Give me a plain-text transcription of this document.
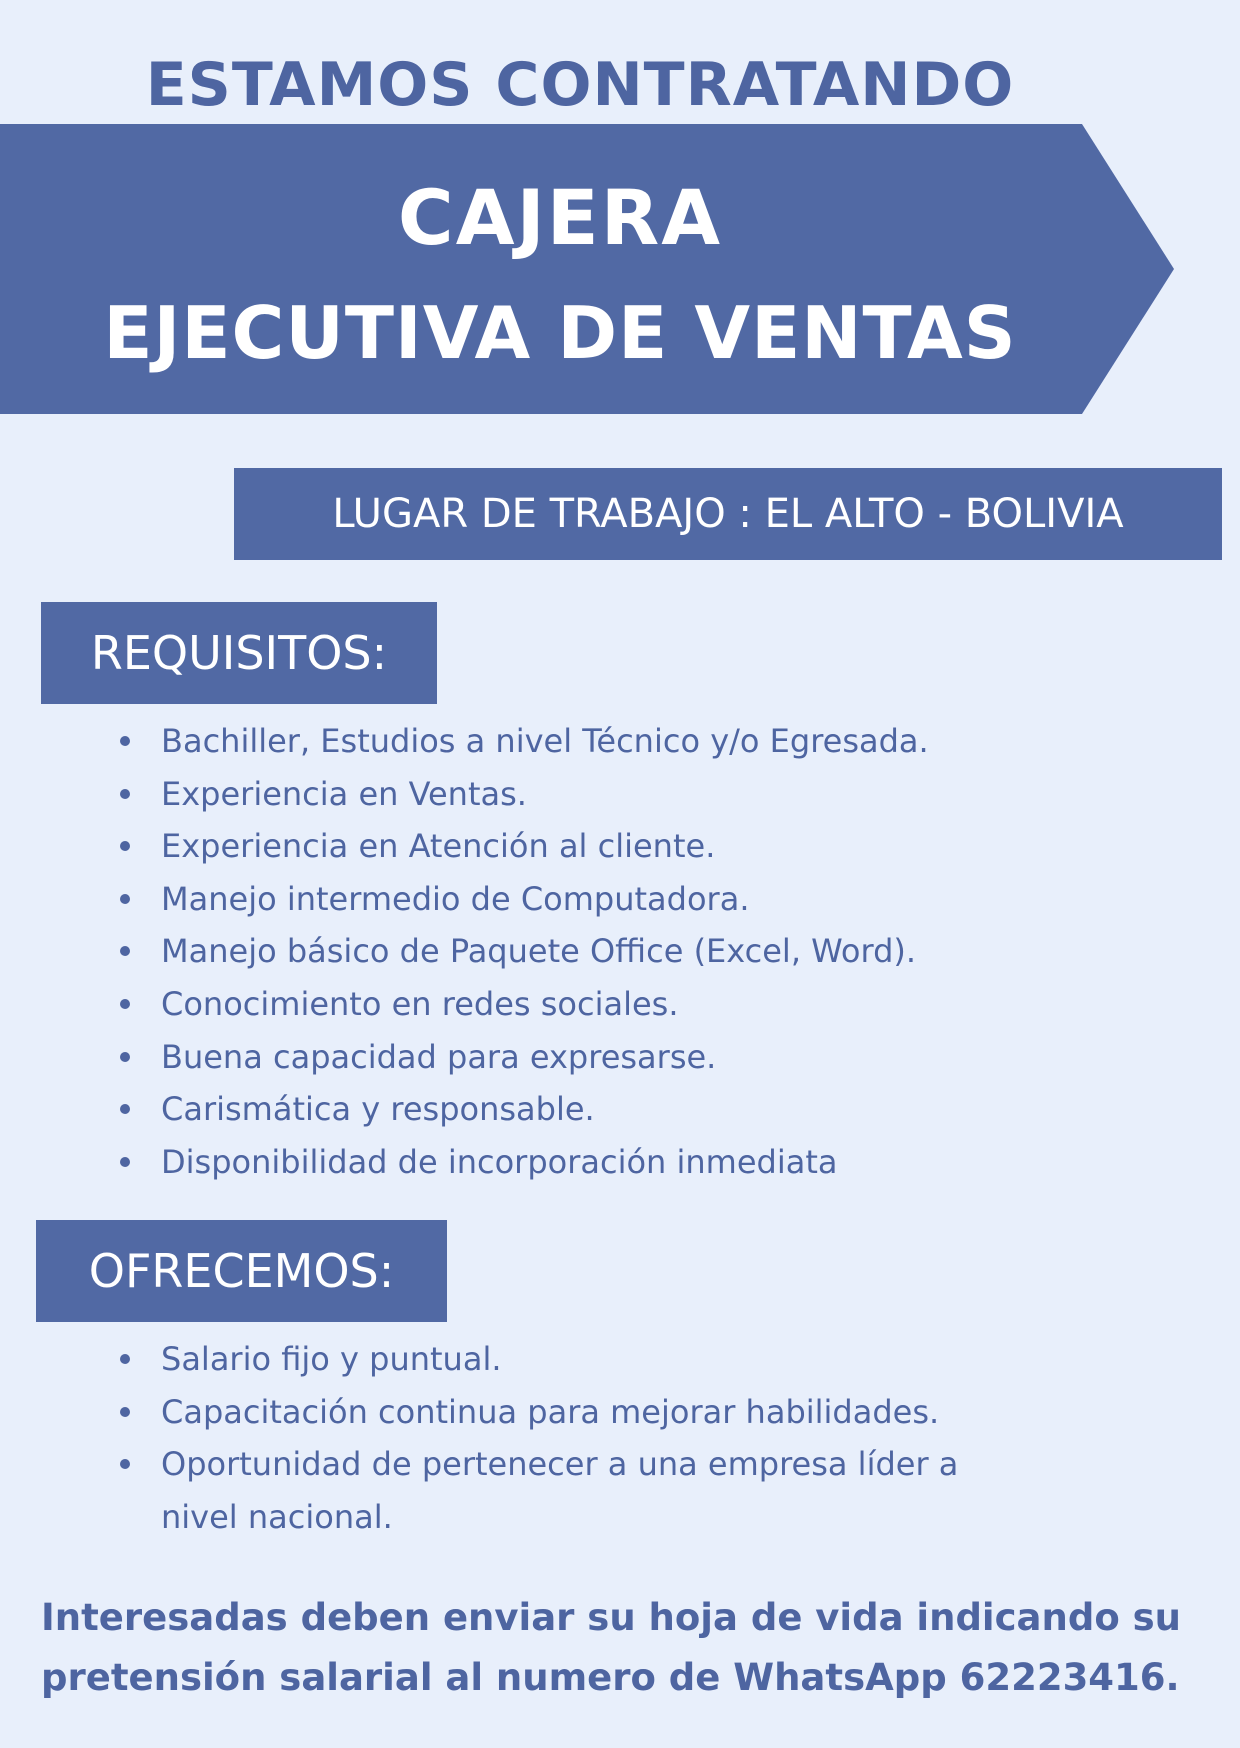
ESTAMOS CONTRATANDO
CAJERA
EJECUTIVA DE VENTAS
LUGAR DE TRABAJO : EL ALTO - BOLIVIA
REQUISITOS:
Bachiller, Estudios a nivel Técnico y/o Egresada.
Experiencia en Ventas.
Experiencia en Atención al cliente.
Manejo intermedio de Computadora.
Manejo básico de Paquete Office (Excel, Word).
Conocimiento en redes sociales.
Buena capacidad para expresarse.
Carismática y responsable.
Disponibilidad de incorporación inmediata
OFRECEMOS:
Salario fijo y puntual.
Capacitación continua para mejorar habilidades.
Oportunidad de pertenecer a una empresa líder a nivel nacional.
Interesadas deben enviar su hoja de vida indicando su
pretensión salarial al numero de WhatsApp 62223416.
